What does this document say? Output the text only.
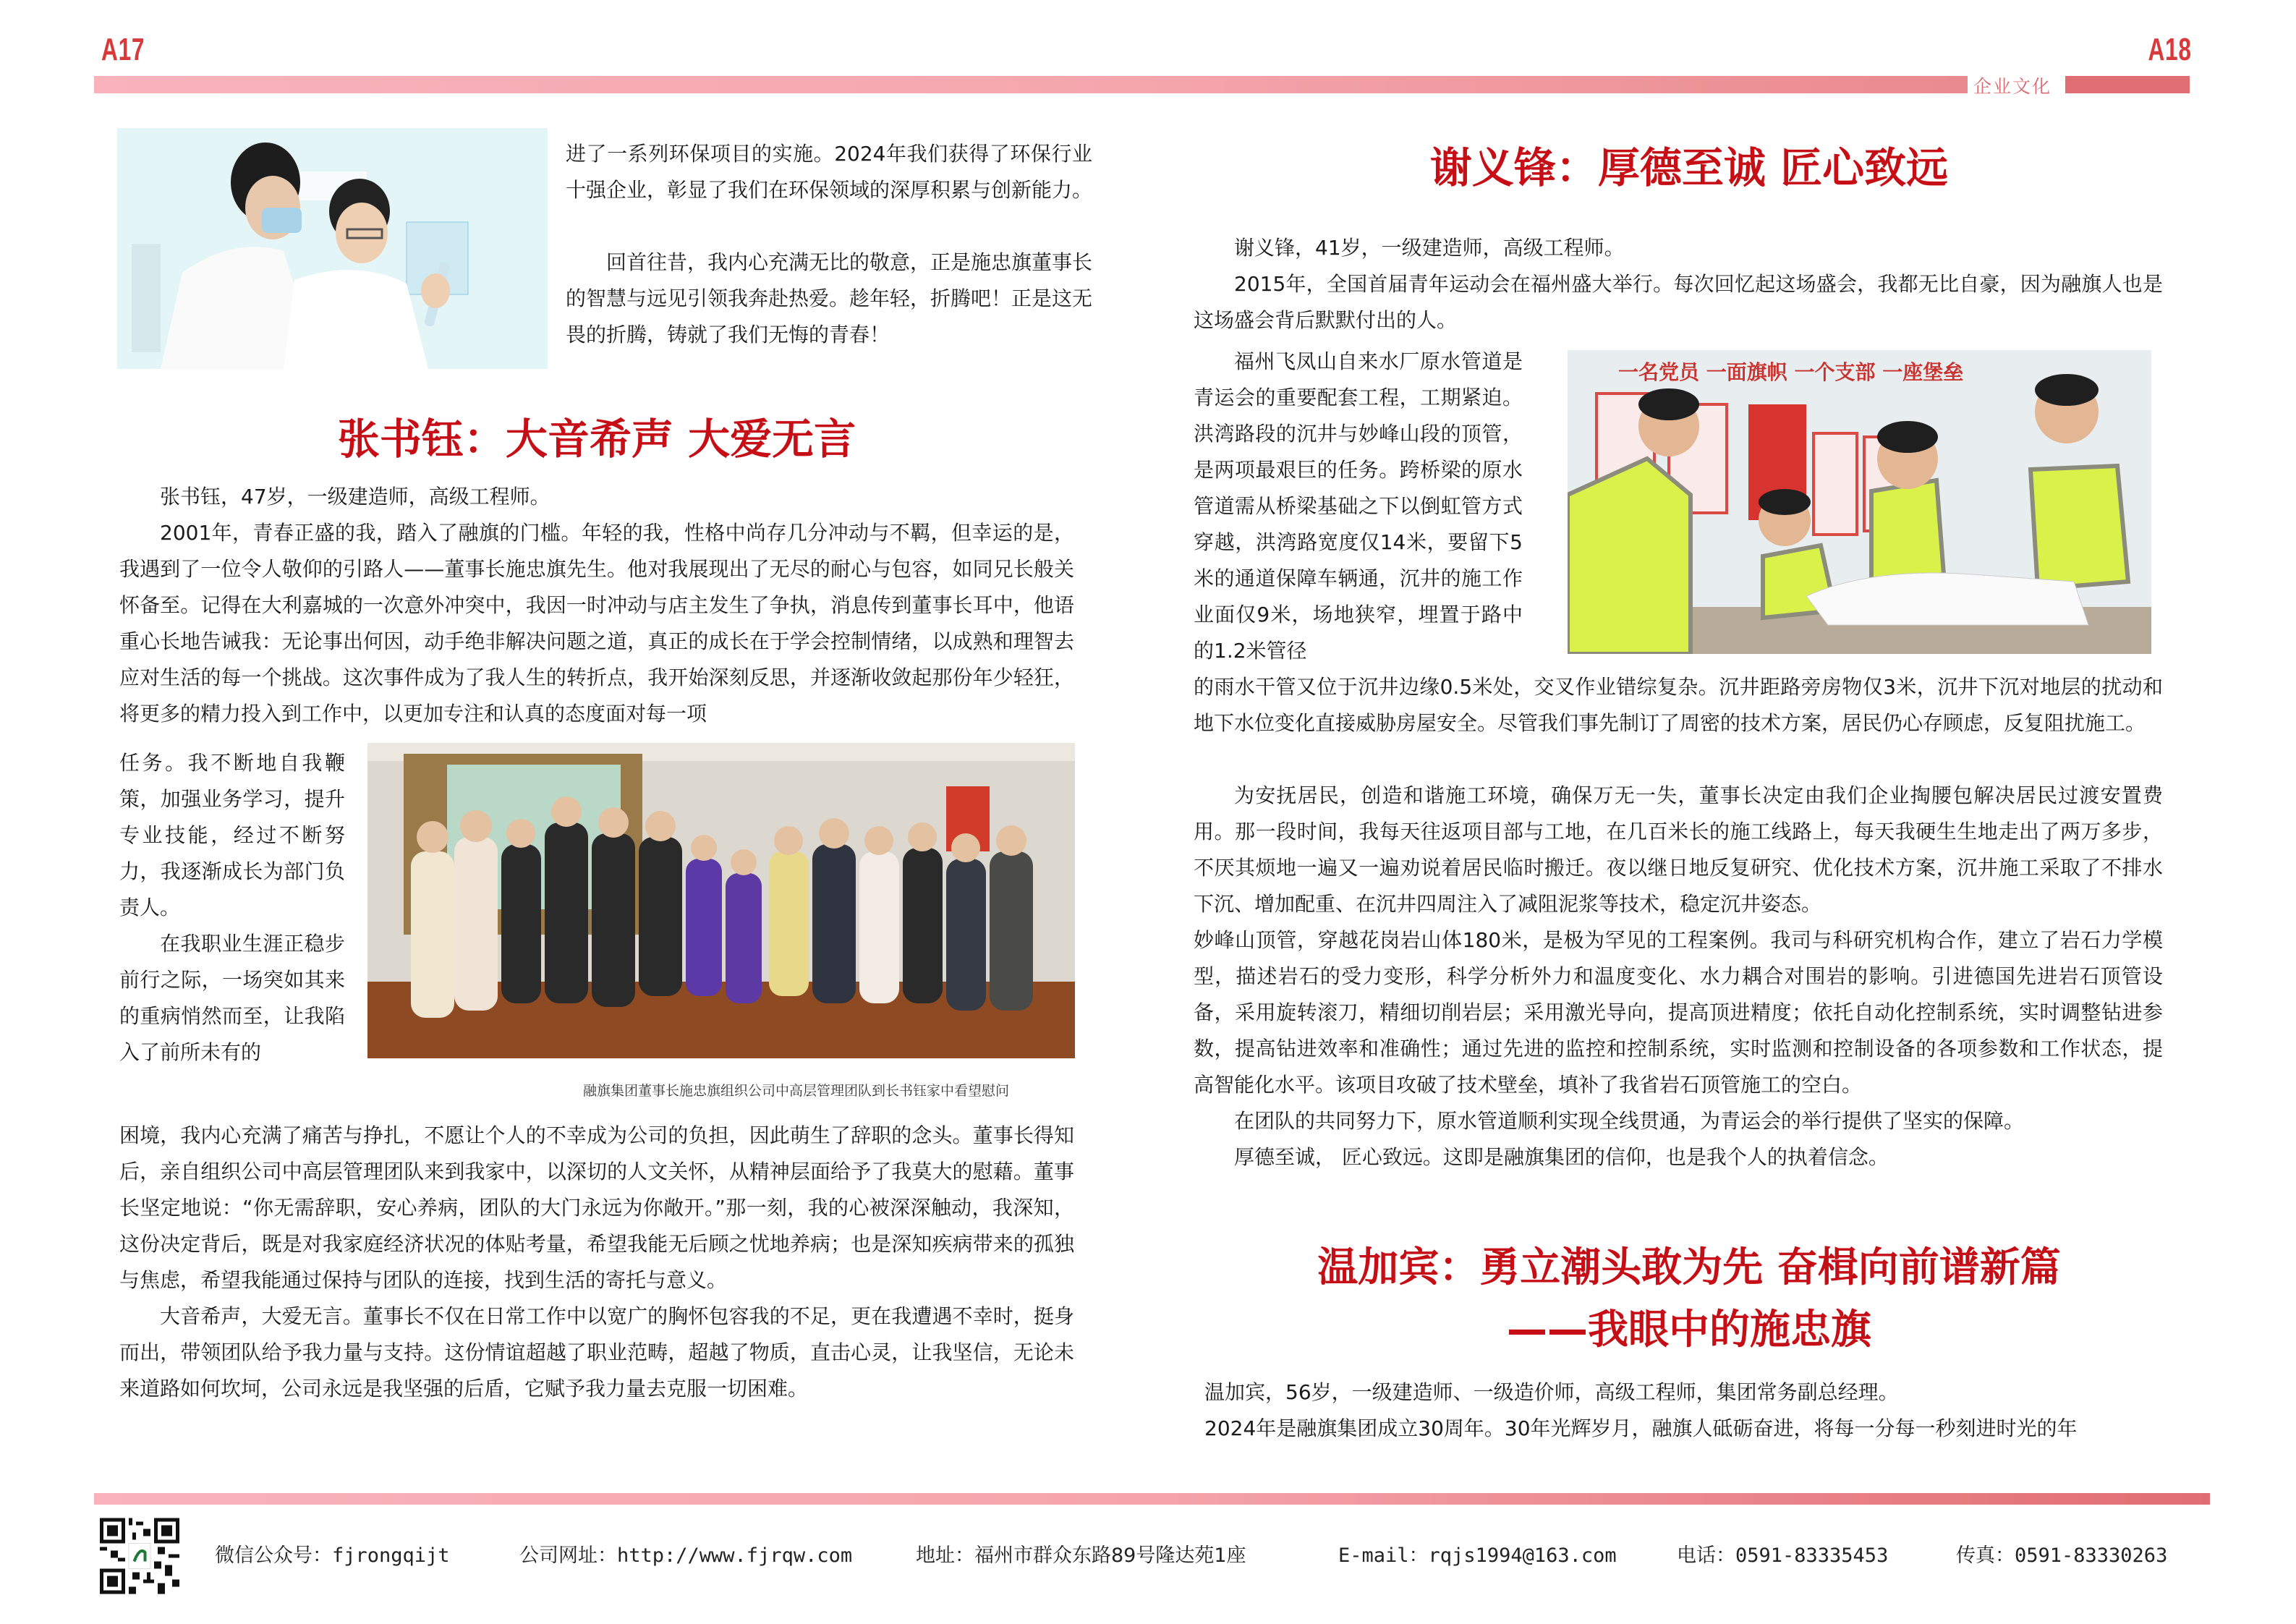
A17	A18
企业文化
进了一系列环保项目的实施。2024年我们获得了环保行业十强企业，彰显了我们在环保领域的深厚积累与创新能力。
回首往昔，我内心充满无比的敬意，正是施忠旗董事长的智慧与远见引领我奔赴热爱。趁年轻，折腾吧！正是这无畏的折腾，铸就了我们无悔的青春！
张书钰：大音希声 大爱无言
张书钰，47岁，一级建造师，高级工程师。
2001年，青春正盛的我，踏入了融旗的门槛。年轻的我，性格中尚存几分冲动与不羁，但幸运的是，我遇到了一位令人敬仰的引路人——董事长施忠旗先生。他对我展现出了无尽的耐心与包容，如同兄长般关怀备至。记得在大利嘉城的一次意外冲突中，我因一时冲动与店主发生了争执，消息传到董事长耳中，他语重心长地告诫我：无论事出何因，动手绝非解决问题之道，真正的成长在于学会控制情绪，以成熟和理智去应对生活的每一个挑战。这次事件成为了我人生的转折点，我开始深刻反思，并逐渐收敛起那份年少轻狂，将更多的精力投入到工作中，以更加专注和认真的态度面对每一项
任务。我不断地自我鞭策，加强业务学习，提升专业技能，经过不断努力，我逐渐成长为部门负责人。
在我职业生涯正稳步前行之际，一场突如其来的重病悄然而至，让我陷入了前所未有的
融旗集团董事长施忠旗组织公司中高层管理团队到长书钰家中看望慰问
困境，我内心充满了痛苦与挣扎，不愿让个人的不幸成为公司的负担，因此萌生了辞职的念头。董事长得知后，亲自组织公司中高层管理团队来到我家中，以深切的人文关怀，从精神层面给予了我莫大的慰藉。董事长坚定地说：“你无需辞职，安心养病，团队的大门永远为你敞开。”那一刻，我的心被深深触动，我深知，这份决定背后，既是对我家庭经济状况的体贴考量，希望我能无后顾之忧地养病；也是深知疾病带来的孤独与焦虑，希望我能通过保持与团队的连接，找到生活的寄托与意义。
大音希声，大爱无言。董事长不仅在日常工作中以宽广的胸怀包容我的不足，更在我遭遇不幸时，挺身而出，带领团队给予我力量与支持。这份情谊超越了职业范畴，超越了物质，直击心灵，让我坚信，无论未来道路如何坎坷，公司永远是我坚强的后盾，它赋予我力量去克服一切困难。
谢义锋：厚德至诚 匠心致远
谢义锋，41岁，一级建造师，高级工程师。
2015年，全国首届青年运动会在福州盛大举行。每次回忆起这场盛会，我都无比自豪，因为融旗人也是这场盛会背后默默付出的人。
福州飞凤山自来水厂原水管道是青运会的重要配套工程，工期紧迫。洪湾路段的沉井与妙峰山段的顶管，是两项最艰巨的任务。跨桥梁的原水管道需从桥梁基础之下以倒虹管方式穿越，洪湾路宽度仅14米，要留下5米的通道保障车辆通，沉井的施工作业面仅9米，场地狭窄，埋置于路中的1.2米管径
一名党员 一面旗帜 一个支部 一座堡垒
的雨水干管又位于沉井边缘0.5米处，交叉作业错综复杂。沉井距路旁房物仅3米，沉井下沉对地层的扰动和地下水位变化直接威胁房屋安全。尽管我们事先制订了周密的技术方案，居民仍心存顾虑，反复阻扰施工。
为安抚居民，创造和谐施工环境，确保万无一失，董事长决定由我们企业掏腰包解决居民过渡安置费用。那一段时间，我每天往返项目部与工地，在几百米长的施工线路上，每天我硬生生地走出了两万多步，不厌其烦地一遍又一遍劝说着居民临时搬迁。夜以继日地反复研究、优化技术方案，沉井施工采取了不排水下沉、增加配重、在沉井四周注入了减阻泥浆等技术，稳定沉井姿态。
妙峰山顶管，穿越花岗岩山体180米，是极为罕见的工程案例。我司与科研究机构合作，建立了岩石力学模型，描述岩石的受力变形，科学分析外力和温度变化、水力耦合对围岩的影响。引进德国先进岩石顶管设备，采用旋转滚刀，精细切削岩层；采用激光导向，提高顶进精度；依托自动化控制系统，实时调整钻进参数，提高钻进效率和准确性；通过先进的监控和控制系统，实时监测和控制设备的各项参数和工作状态，提高智能化水平。该项目攻破了技术壁垒，填补了我省岩石顶管施工的空白。
在团队的共同努力下，原水管道顺利实现全线贯通，为青运会的举行提供了坚实的保障。
厚德至诚， 匠心致远。这即是融旗集团的信仰，也是我个人的执着信念。
温加宾：勇立潮头敢为先 奋楫向前谱新篇
——我眼中的施忠旗
温加宾，56岁，一级建造师、一级造价师，高级工程师，集团常务副总经理。
2024年是融旗集团成立30周年。30年光辉岁月，融旗人砥砺奋进，将每一分每一秒刻进时光的年
微信公众号：fjrongqijt	公司网址：http://www.fjrqw.com	地址：福州市群众东路89号隆达苑1座	E-mail：rqjs1994@163.com	电话：0591-83335453	传真：0591-83330263
